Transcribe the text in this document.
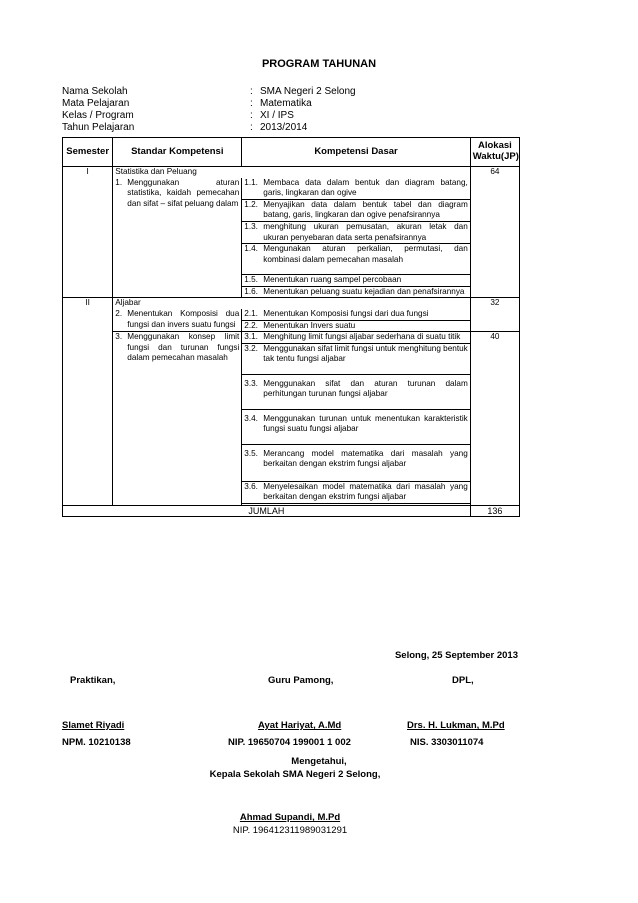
PROGRAM TAHUNAN
Nama Sekolah	: SMA Negeri 2 Selong
Mata Pelajaran	: Matematika
Kelas / Program	: XI / IPS
Tahun Pelajaran	: 2013/2014
Semester	Standar Kompetensi	Kompetensi Dasar	Alokasi Waktu(JP)
I	Statistika dan Peluang		64

	1. Menggunakan aturan statistika, kaidah pemecahan dan sifat – sifat peluang dalam	1.1. Membaca data dalam bentuk dan diagram batang, garis, lingkaran dan ogive	

		1.2. Menyajikan data dalam bentuk tabel dan diagram batang, garis, lingkaran dan ogive penafsirannya	

		1.3. menghitung ukuran pemusatan, akuran letak dan ukuran penyebaran data serta penafsirannya	

		1.4. Mengunakan aturan perkalian, permutasi, dan kombinasi dalam pemecahan masalah	

		1.5. Menentukan ruang sampel percobaan	

		1.6. Menentukan peluang suatu kejadian dan penafsirannya	

II	Aljabar		32

	2. Menentukan Komposisi dua fungsi dan invers suatu fungsi	2.1. Menentukan Komposisi fungsi dari dua fungsi	

		2.2. Menentukan Invers suatu	

	3. Menggunakan konsep limit fungsi dan turunan fungsi dalam pemecahan masalah	3.1. Menghitung limit fungsi aljabar sederhana di suatu titik	40

		3.2. Menggunakan sifat limit fungsi untuk menghitung bentuk tak tentu fungsi aljabar	

		3.3. Menggunakan sifat dan aturan turunan dalam perhitungan turunan fungsi aljabar	

		3.4. Menggunakan turunan untuk menentukan karakteristik fungsi suatu fungsi aljabar	

		3.5. Merancang model matematika dari masalah yang berkaitan dengan ekstrim fungsi aljabar	

		3.6. Menyelesaikan model matematika dari masalah yang berkaitan dengan ekstrim fungsi aljabar	

JUMLAH			136
Selong, 25 September 2013
Praktikan,	Guru Pamong,	DPL,
Slamet Riyadi	Ayat Hariyat, A.Md	Drs. H. Lukman, M.Pd
NPM. 10210138	NIP. 19650704 199001 1 002	NIS. 3303011074
Mengetahui,
Kepala Sekolah SMA Negeri 2 Selong,
Ahmad Supandi, M.Pd
NIP. 196412311989031291
